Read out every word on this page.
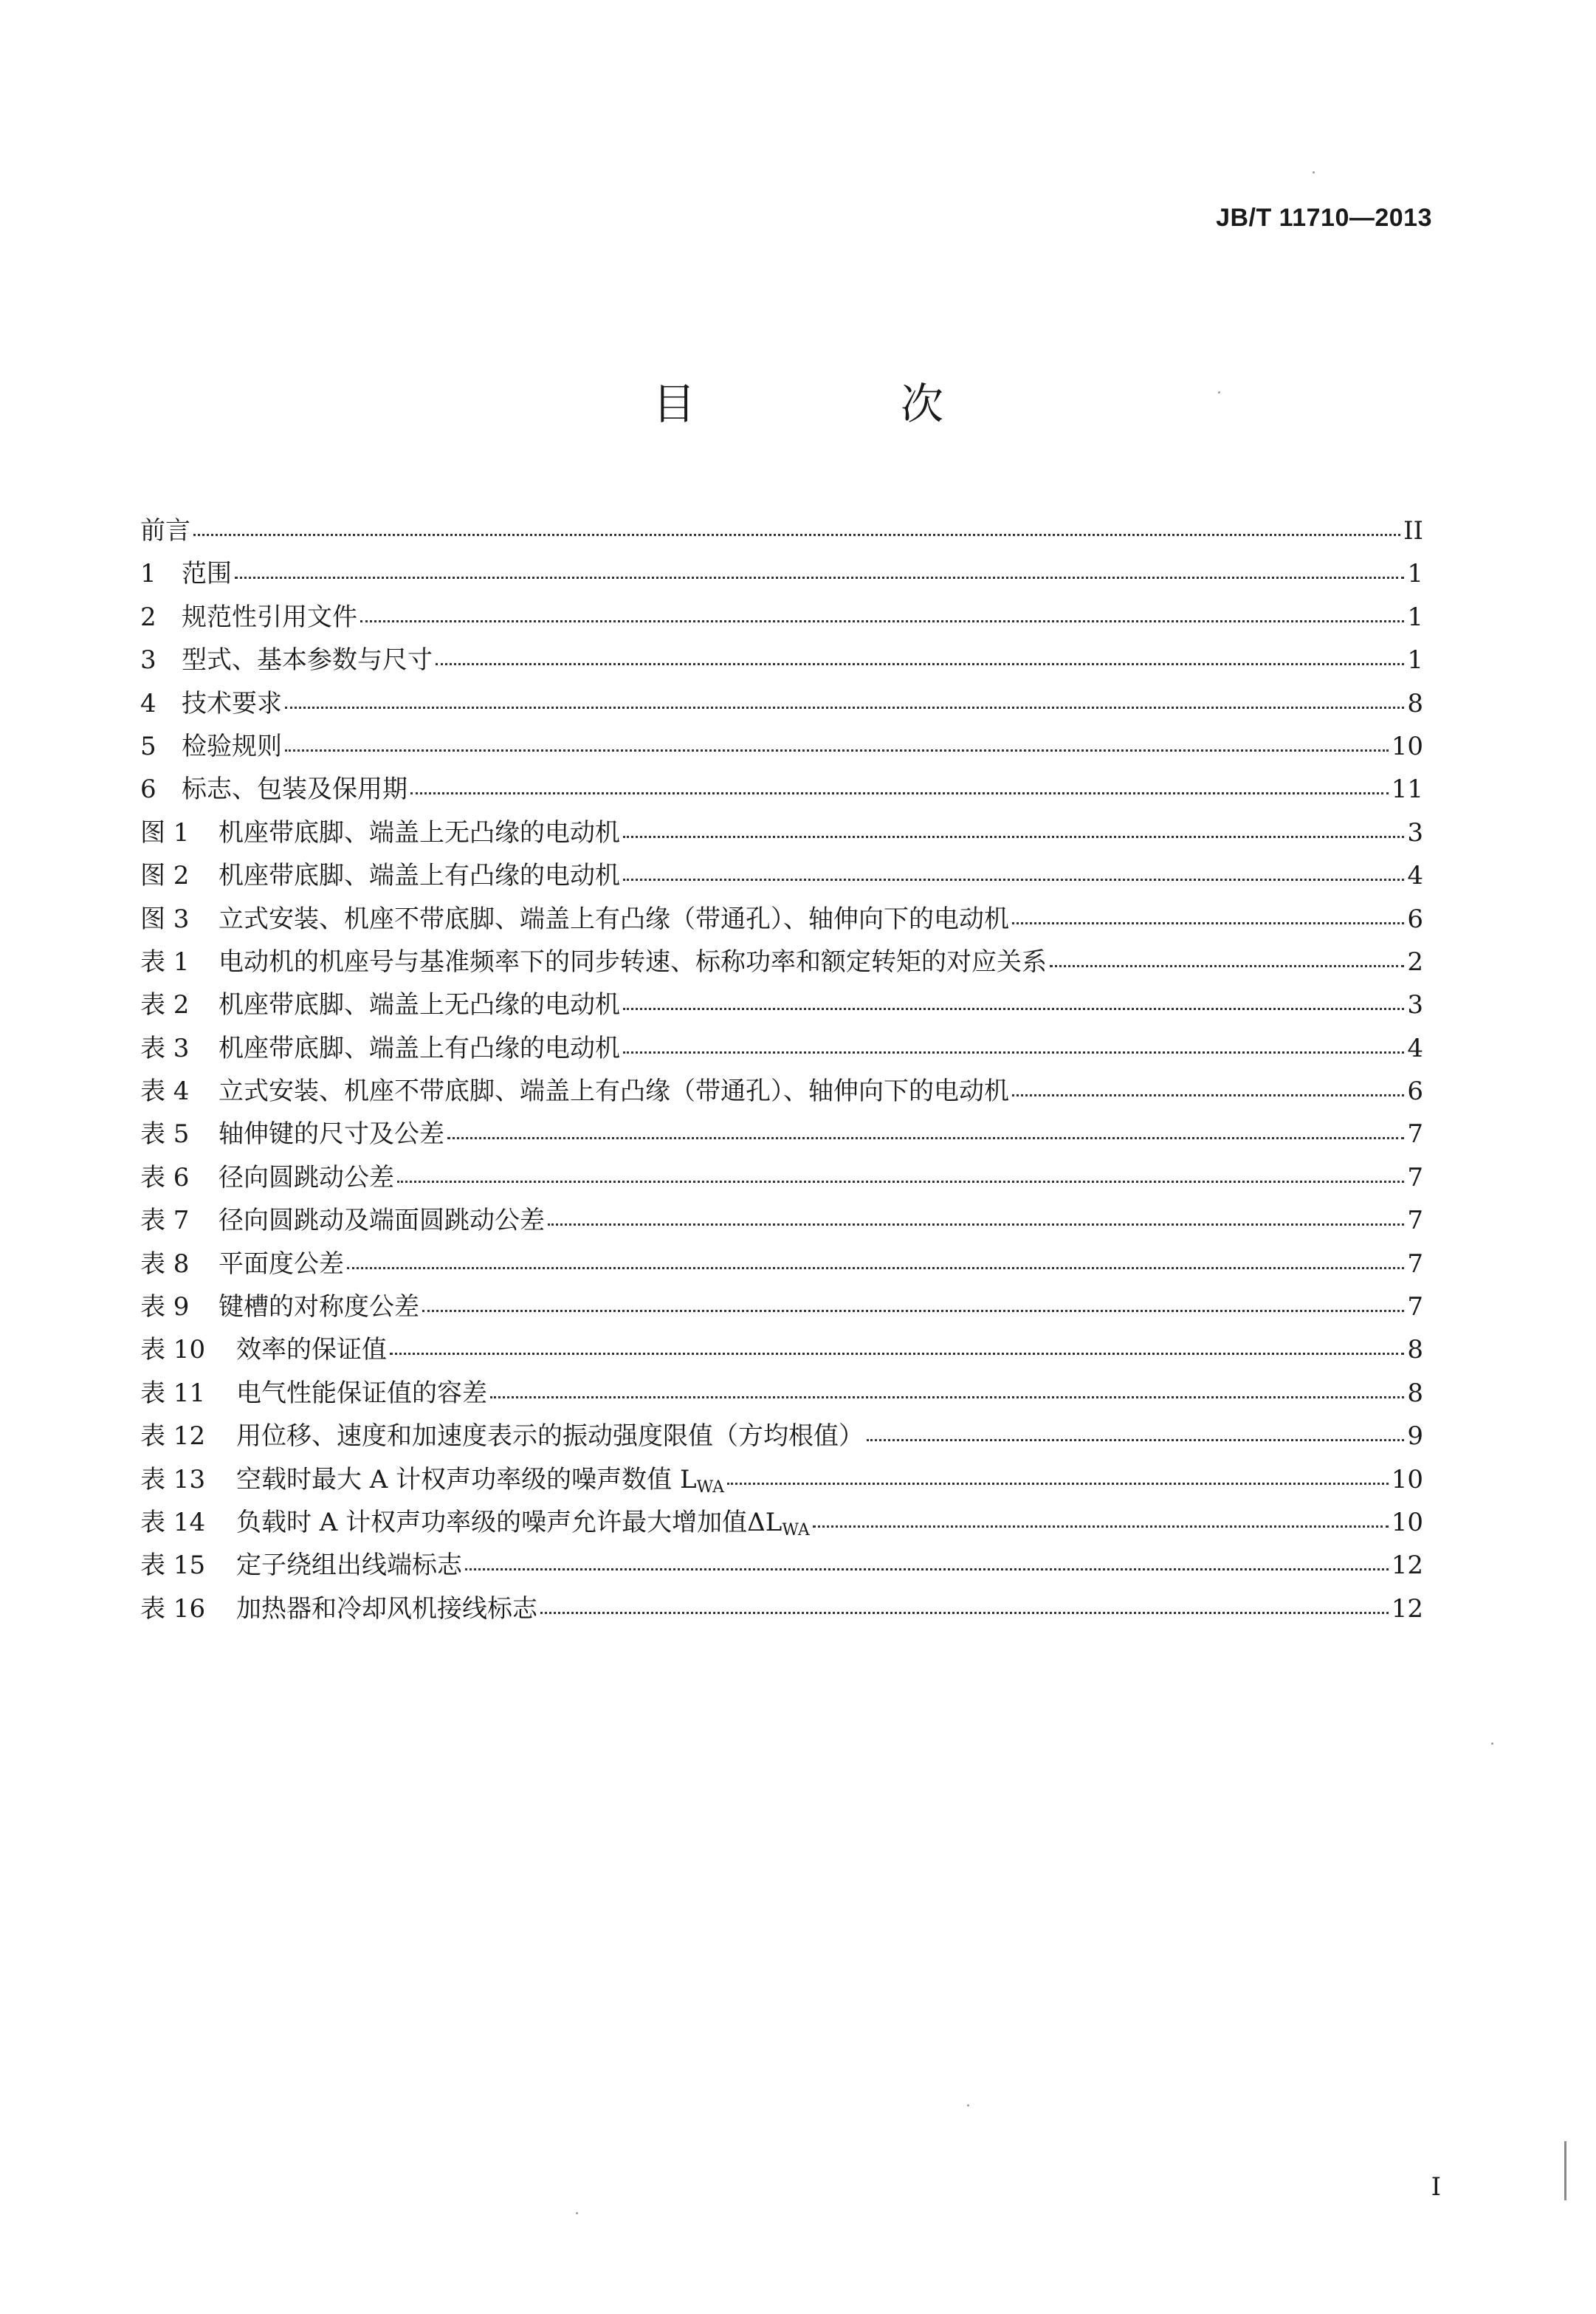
JB/T 11710—2013
目　次
前言	II
1	范围	1
2	规范性引用文件	1
3	型式、基本参数与尺寸	1
4	技术要求	8
5	检验规则	10
6	标志、包装及保用期	11
图 1	机座带底脚、端盖上无凸缘的电动机	3
图 2	机座带底脚、端盖上有凸缘的电动机	4
图 3	立式安装、机座不带底脚、端盖上有凸缘（带通孔）、轴伸向下的电动机	6
表 1	电动机的机座号与基准频率下的同步转速、标称功率和额定转矩的对应关系	2
表 2	机座带底脚、端盖上无凸缘的电动机	3
表 3	机座带底脚、端盖上有凸缘的电动机	4
表 4	立式安装、机座不带底脚、端盖上有凸缘（带通孔）、轴伸向下的电动机	6
表 5	轴伸键的尺寸及公差	7
表 6	径向圆跳动公差	7
表 7	径向圆跳动及端面圆跳动公差	7
表 8	平面度公差	7
表 9	键槽的对称度公差	7
表 10	效率的保证值	8
表 11	电气性能保证值的容差	8
表 12	用位移、速度和加速度表示的振动强度限值（方均根值）	9
表 13	空载时最大 A 计权声功率级的噪声数值 $L_{WA}$	10
表 14	负载时 A 计权声功率级的噪声允许最大增加值$\Delta L_{WA}$	10
表 15	定子绕组出线端标志	12
表 16	加热器和冷却风机接线标志	12
I
